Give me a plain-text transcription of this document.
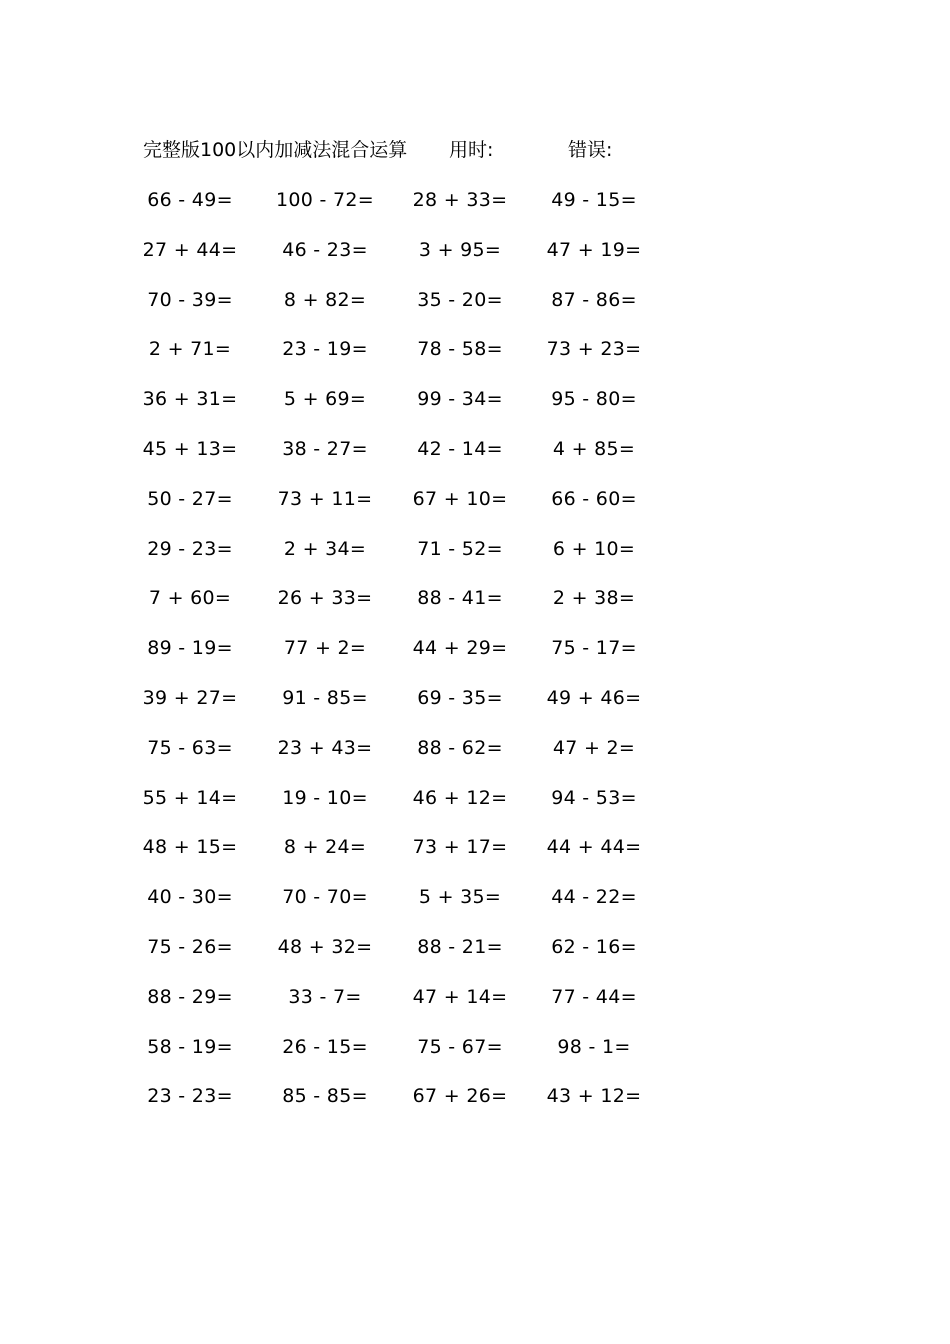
完整版100以内加减法混合运算 用时:	错误:
66 - 49=	100 - 72=	28 + 33=	49 - 15=
27 + 44=	46 - 23=	3 + 95=	47 + 19=
70 - 39=	8 + 82=	35 - 20=	87 - 86=
2 + 71=	23 - 19=	78 - 58=	73 + 23=
36 + 31=	5 + 69=	99 - 34=	95 - 80=
45 + 13=	38 - 27=	42 - 14=	4 + 85=
50 - 27=	73 + 11=	67 + 10=	66 - 60=
29 - 23=	2 + 34=	71 - 52=	6 + 10=
7 + 60=	26 + 33=	88 - 41=	2 + 38=
89 - 19=	77 + 2=	44 + 29=	75 - 17=
39 + 27=	91 - 85=	69 - 35=	49 + 46=
75 - 63=	23 + 43=	88 - 62=	47 + 2=
55 + 14=	19 - 10=	46 + 12=	94 - 53=
48 + 15=	8 + 24=	73 + 17=	44 + 44=
40 - 30=	70 - 70=	5 + 35=	44 - 22=
75 - 26=	48 + 32=	88 - 21=	62 - 16=
88 - 29=	33 - 7=	47 + 14=	77 - 44=
58 - 19=	26 - 15=	75 - 67=	98 - 1=
23 - 23=	85 - 85=	67 + 26=	43 + 12=
